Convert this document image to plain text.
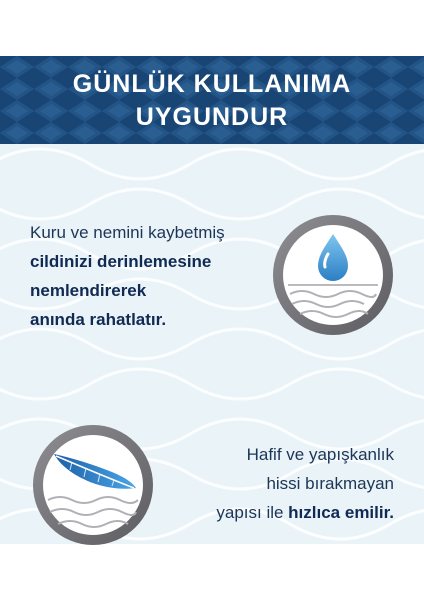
GÜNLÜK KULLANIMA
UYGUNDUR
Kuru ve nemini kaybetmiş
cildinizi derinlemesine
nemlendirerek
anında rahatlatır.
Hafif ve yapışkanlık
hissi bırakmayan
yapısı ile hızlıca emilir.
